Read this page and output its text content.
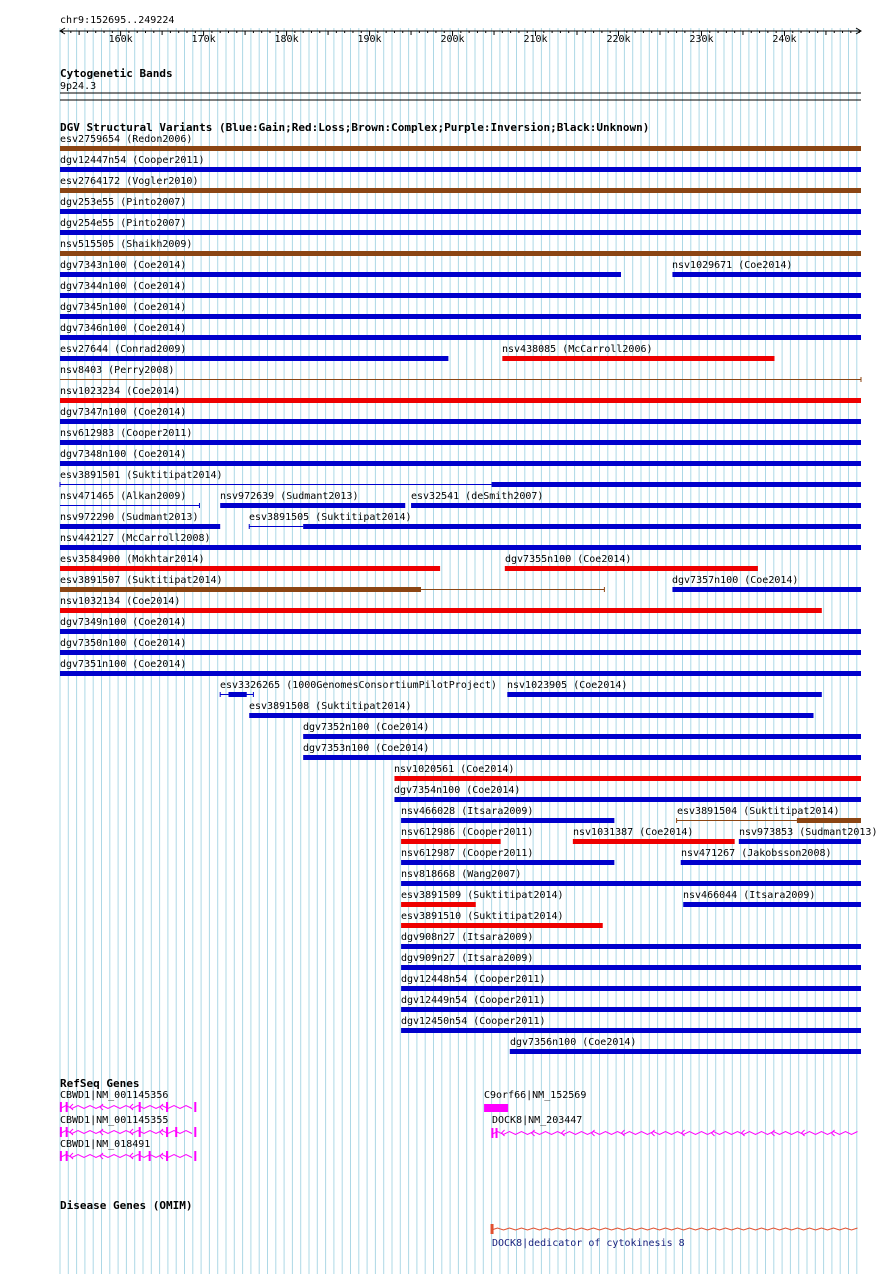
160k	170k	180k	190k	200k	210k	220k	230k	240k
esv2759654 (Redon2006)
dgv12447n54 (Cooper2011)
esv2764172 (Vogler2010)
dgv253e55 (Pinto2007)
dgv254e55 (Pinto2007)
nsv515505 (Shaikh2009)
dgv7343n100 (Coe2014)	nsv1029671 (Coe2014)
dgv7344n100 (Coe2014)
dgv7345n100 (Coe2014)
dgv7346n100 (Coe2014)
esv27644 (Conrad2009)	nsv438085 (McCarroll2006)
nsv8403 (Perry2008)
nsv1023234 (Coe2014)
dgv7347n100 (Coe2014)
nsv612983 (Cooper2011)
dgv7348n100 (Coe2014)
esv3891501 (Suktitipat2014)
nsv471465 (Alkan2009)	nsv972639 (Sudmant2013)	esv32541 (deSmith2007)
nsv972290 (Sudmant2013)	esv3891505 (Suktitipat2014)
nsv442127 (McCarroll2008)
esv3584900 (Mokhtar2014)	dgv7355n100 (Coe2014)
esv3891507 (Suktitipat2014)	dgv7357n100 (Coe2014)
nsv1032134 (Coe2014)
dgv7349n100 (Coe2014)
dgv7350n100 (Coe2014)
dgv7351n100 (Coe2014)
esv3326265 (1000GenomesConsortiumPilotProject) nsv1023905 (Coe2014)
esv3891508 (Suktitipat2014)
dgv7352n100 (Coe2014)
dgv7353n100 (Coe2014)
nsv1020561 (Coe2014)
dgv7354n100 (Coe2014)
nsv466028 (Itsara2009)	esv3891504 (Suktitipat2014)
nsv612986 (Cooper2011)	nsv1031387 (Coe2014)	nsv973853 (Sudmant2013)
nsv612987 (Cooper2011)	nsv471267 (Jakobsson2008)
nsv818668 (Wang2007)
esv3891509 (Suktitipat2014)	nsv466044 (Itsara2009)
esv3891510 (Suktitipat2014)
dgv908n27 (Itsara2009)
dgv909n27 (Itsara2009)
dgv12448n54 (Cooper2011)
dgv12449n54 (Cooper2011)
dgv12450n54 (Cooper2011)
dgv7356n100 (Coe2014)
CBWD1|NM_001145356
CBWD1|NM_001145355
CBWD1|NM_018491
C9orf66|NM_152569
DOCK8|NM_203447
DOCK8|dedicator of cytokinesis 8
chr9:152695..249224
Cytogenetic Bands
9p24.3
DGV Structural Variants (Blue:Gain;Red:Loss;Brown:Complex;Purple:Inversion;Black:Unknown)
RefSeq Genes
Disease Genes (OMIM)
